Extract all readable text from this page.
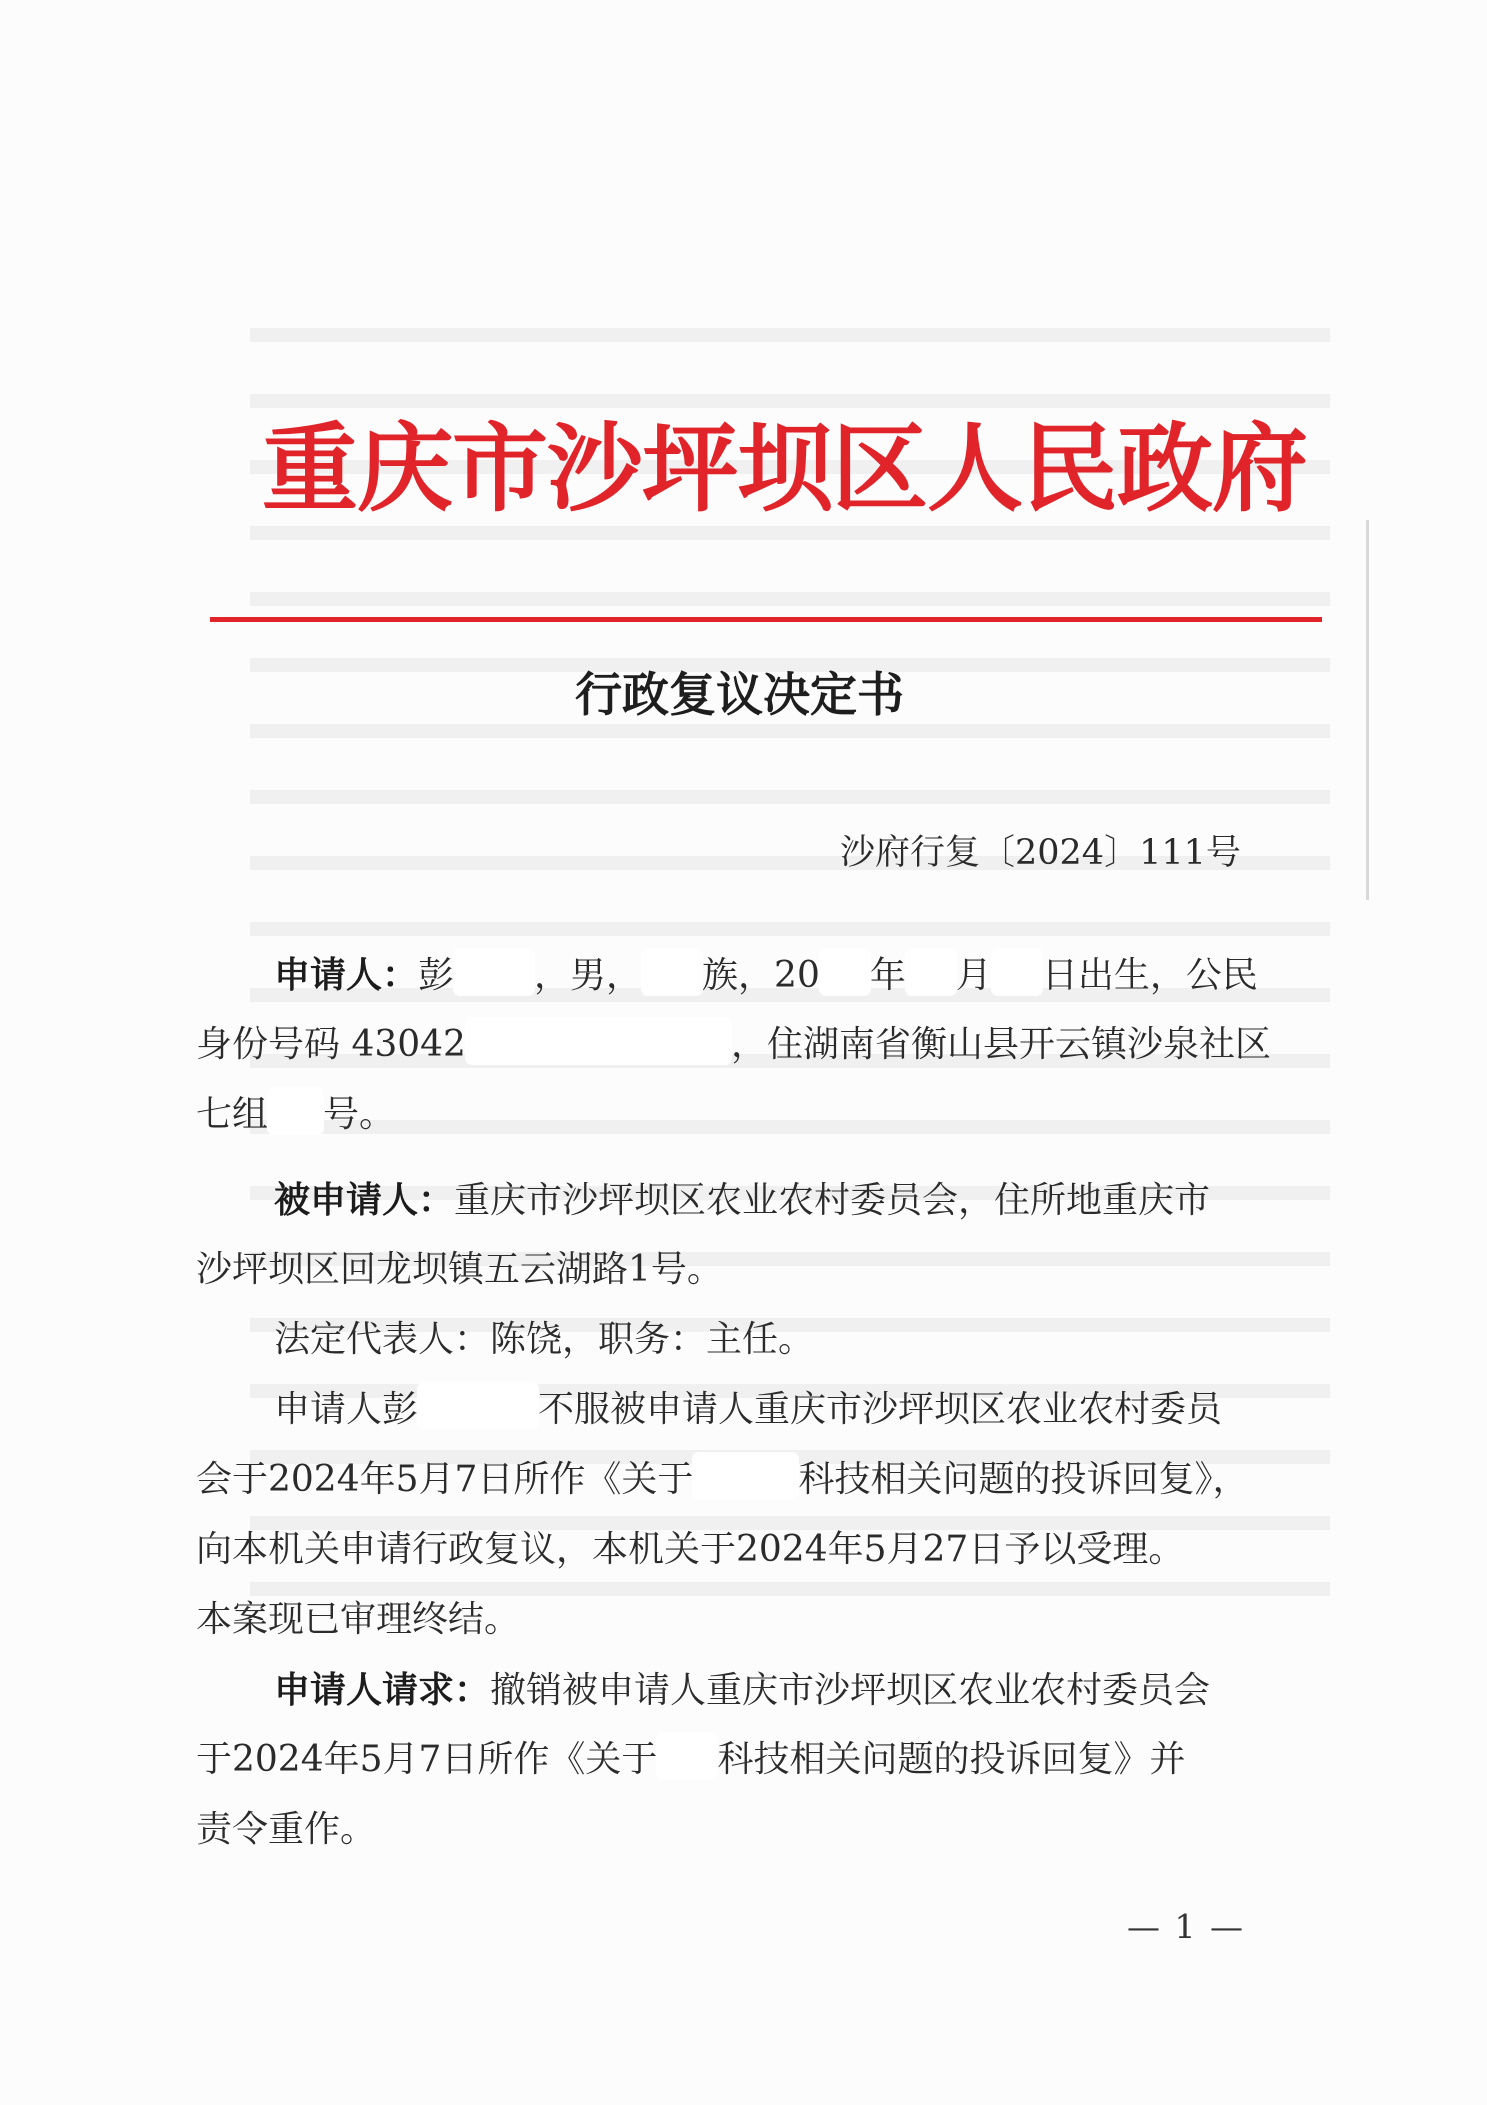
重庆市沙坪坝区人民政府
行政复议决定书
沙府行复〔2024〕111号
申请人：彭 ，男， 族，20 年 月 日出生，公民
身份号码 43042	，住湖南省衡山县开云镇沙泉社区
七组 号。
被申请人：重庆市沙坪坝区农业农村委员会，住所地重庆市
沙坪坝区回龙坝镇五云湖路1号。
法定代表人：陈饶，职务：主任。
申请人彭	不服被申请人重庆市沙坪坝区农业农村委员
会于2024年5月7日所作《关于	科技相关问题的投诉回复》，
向本机关申请行政复议，本机关于2024年5月27日予以受理。
本案现已审理终结。
申请人请求：撤销被申请人重庆市沙坪坝区农业农村委员会
于2024年5月7日所作《关于 科技相关问题的投诉回复》并
责令重作。
— 1 —
